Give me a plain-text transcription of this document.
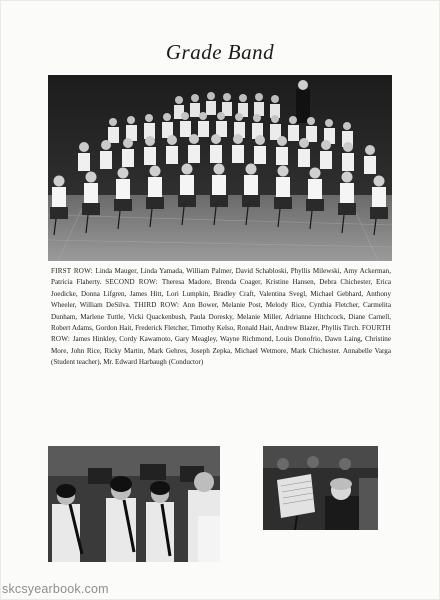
Grade Band
FIRST ROW: Linda Mauger, Linda Yamada, William Palmer, David Schabloski, Phyllis Milewski, Amy Ackerman, Patricia Flaherty. SECOND ROW: Theresa Madore, Brenda Coager, Kristine Hansen, Debra Chichester, Erica Joedicke, Donna Lifgren, James Hitt, Lori Lumpkin, Bradley Craft, Valentina Svegl, Michael Gebhard, Anthony Wheeler, William DeSilva. THIRD ROW: Ann Bower, Melanie Post, Melody Rice, Cynthia Fletcher, Carmelita Dunham, Marlene Tuttle, Vicki Quackenbush, Paula Doresky, Melanie Miller, Adrianne Hitchcock, Diane Carnell, Robert Adams, Gordon Hait, Frederick Fletcher, Timothy Kelso, Ronald Hait, Andrew Blazer, Phyllis Tirch. FOURTH ROW: James Hinkley, Cordy Kawamoto, Gary Meagley, Wayne Richmond, Louis Donofrio, Dawn Laing, Christine More, John Rice, Ricky Martin, Mark Gehres, Joseph Zepka, Michael Wetmore, Mark Chichester. Annabelle Varga (Student teacher), Mr. Edward Harbaugh (Conductor)
skcsyearbook.com
